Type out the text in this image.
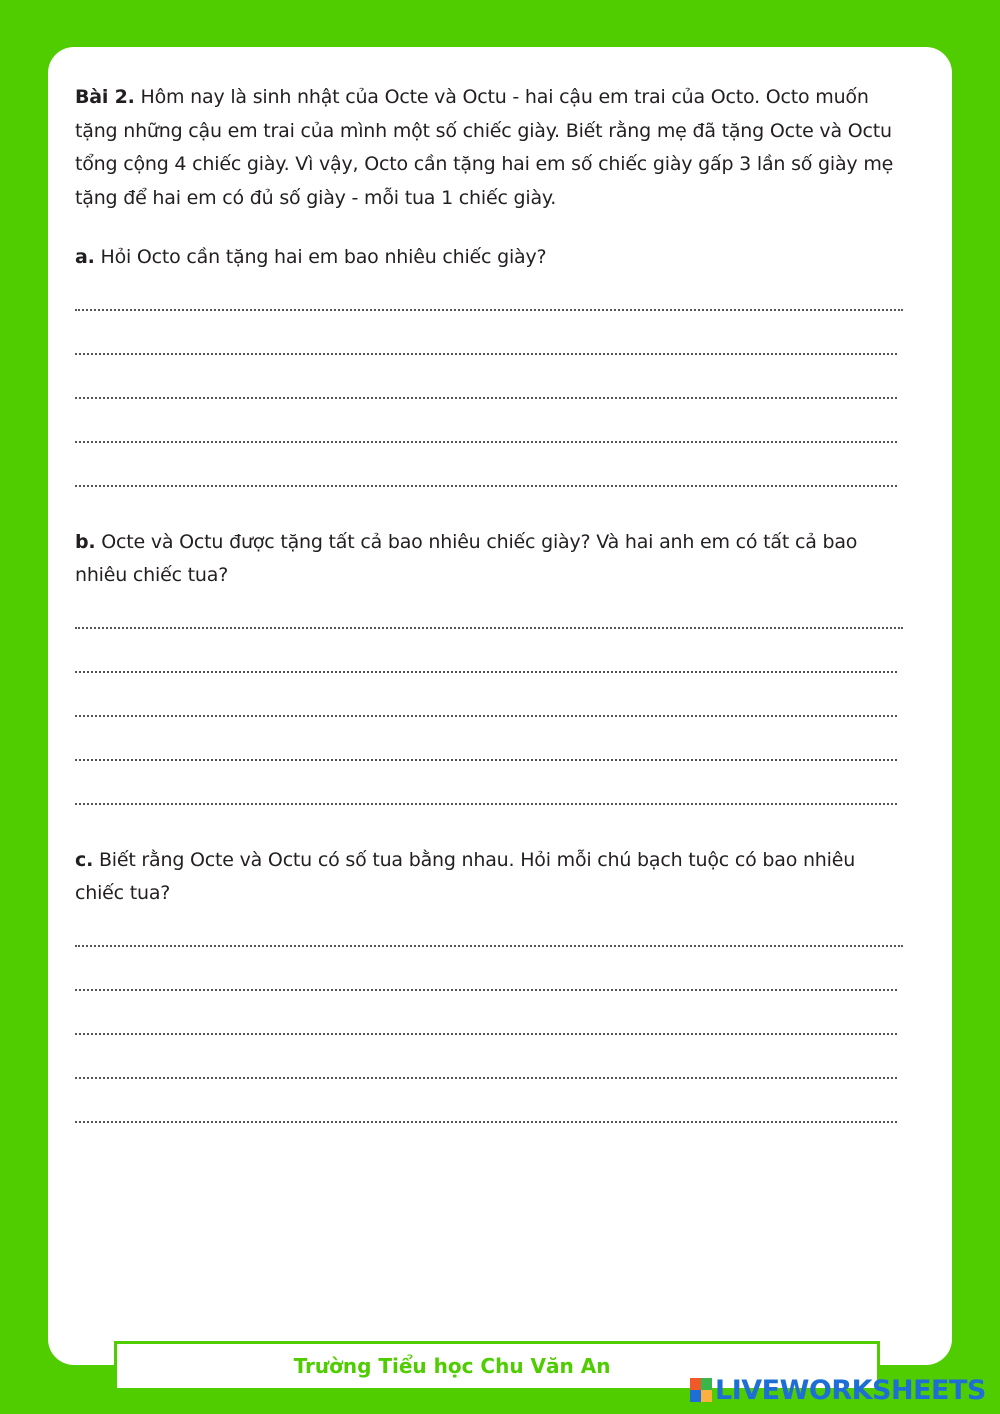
Bài 2. Hôm nay là sinh nhật của Octe và Octu - hai cậu em trai của Octo. Octo muốn tặng những cậu em trai của mình một số chiếc giày. Biết rằng mẹ đã tặng Octe và Octu tổng cộng 4 chiếc giày. Vì vậy, Octo cần tặng hai em số chiếc giày gấp 3 lần số giày mẹ tặng để hai em có đủ số giày - mỗi tua 1 chiếc giày.

a. Hỏi Octo cần tặng hai em bao nhiêu chiếc giày?

b. Octe và Octu được tặng tất cả bao nhiêu chiếc giày? Và hai anh em có tất cả bao nhiêu chiếc tua?

c. Biết rằng Octe và Octu có số tua bằng nhau. Hỏi mỗi chú bạch tuộc có bao nhiêu chiếc tua?

Trường Tiểu học Chu Văn An
LIVEWORKSHEETS
